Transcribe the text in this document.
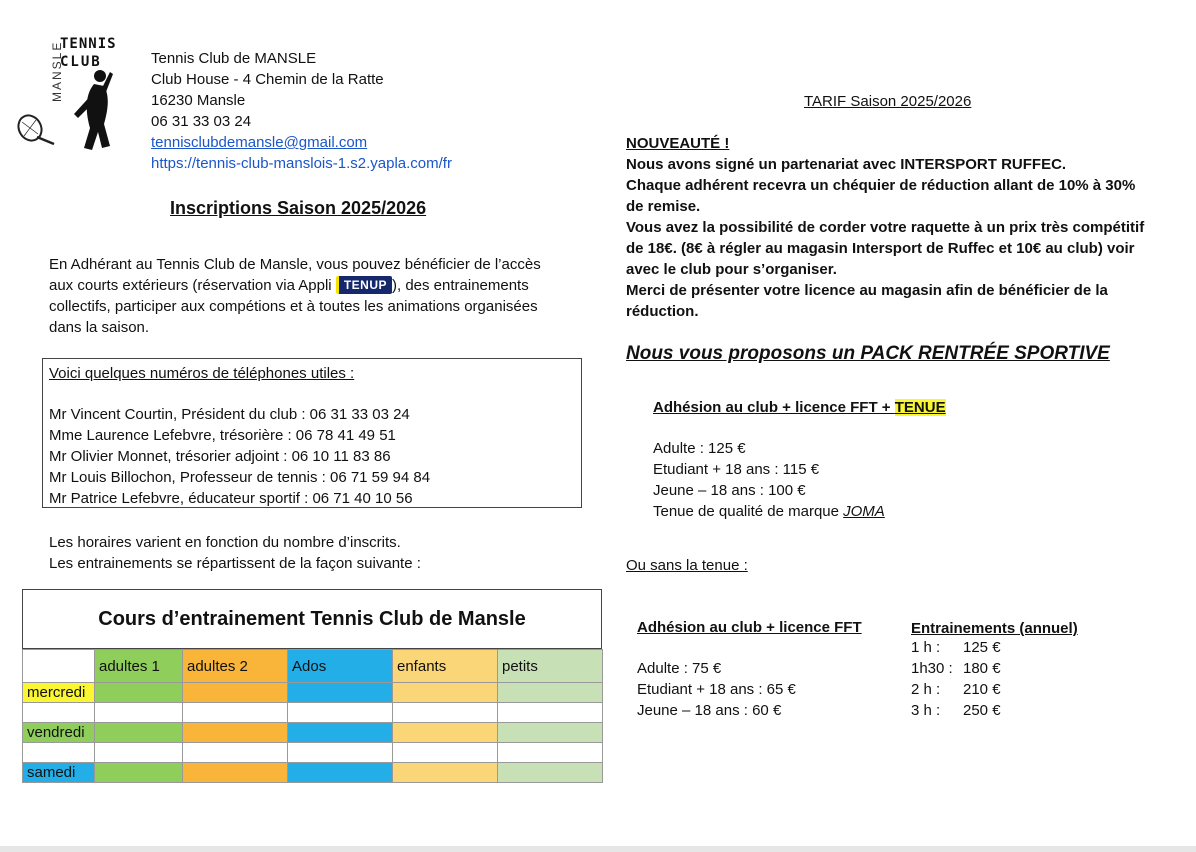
TENNIS
CLUB
MANSLE	Tennis Club de MANSLE
Club House - 4 Chemin de la Ratte
16230 Mansle
06 31 33 03 24
tennisclubdemansle@gmail.com
https://tennis-club-manslois-1.s2.yapla.com/fr
Inscriptions Saison 2025/2026
En Adhérant au Tennis Club de Mansle, vous pouvez bénéficier de l’accès
aux courts extérieurs (réservation via Appli TENUP ), des entrainements
collectifs, participer aux compétions et à toutes les animations organisées
dans la saison.
Voici quelques numéros de téléphones utiles :
Mr Vincent Courtin, Président du club : 06 31 33 03 24
Mme Laurence Lefebvre, trésorière : 06 78 41 49 51
Mr Olivier Monnet, trésorier adjoint : 06 10 11 83 86
Mr Louis Billochon, Professeur de tennis : 06 71 59 94 84
Mr Patrice Lefebvre, éducateur sportif : 06 71 40 10 56
Les horaires varient en fonction du nombre d’inscrits.
Les entrainements se répartissent de la façon suivante :
Cours d’entrainement Tennis Club de Mansle
	adultes 1	adultes 2	Ados	enfants	petits
mercredi					

vendredi					

samedi					
TARIF Saison 2025/2026
NOUVEAUTÉ !
Nous avons signé un partenariat avec INTERSPORT RUFFEC.
Chaque adhérent recevra un chéquier de réduction allant de 10% à 30%
de remise.
Vous avez la possibilité de corder votre raquette à un prix très compétitif
de 18€. (8€ à régler au magasin Intersport de Ruffec et 10€ au club) voir
avec le club pour s’organiser.
Merci de présenter votre licence au magasin afin de bénéficier de la
réduction.
Nous vous proposons un PACK RENTRÉE SPORTIVE
Adhésion au club + licence FFT + TENUE
Adulte : 125 €
Etudiant + 18 ans : 115 €
Jeune – 18 ans : 100 €
Tenue de qualité de marque JOMA
Ou sans la tenue :
Adhésion au club + licence FFT
Adulte : 75 €
Etudiant + 18 ans : 65 €
Jeune – 18 ans : 60 €
Entrainements (annuel)
1 h : 125 €
1h30 : 180 €
2 h : 210 €
3 h : 250 €
